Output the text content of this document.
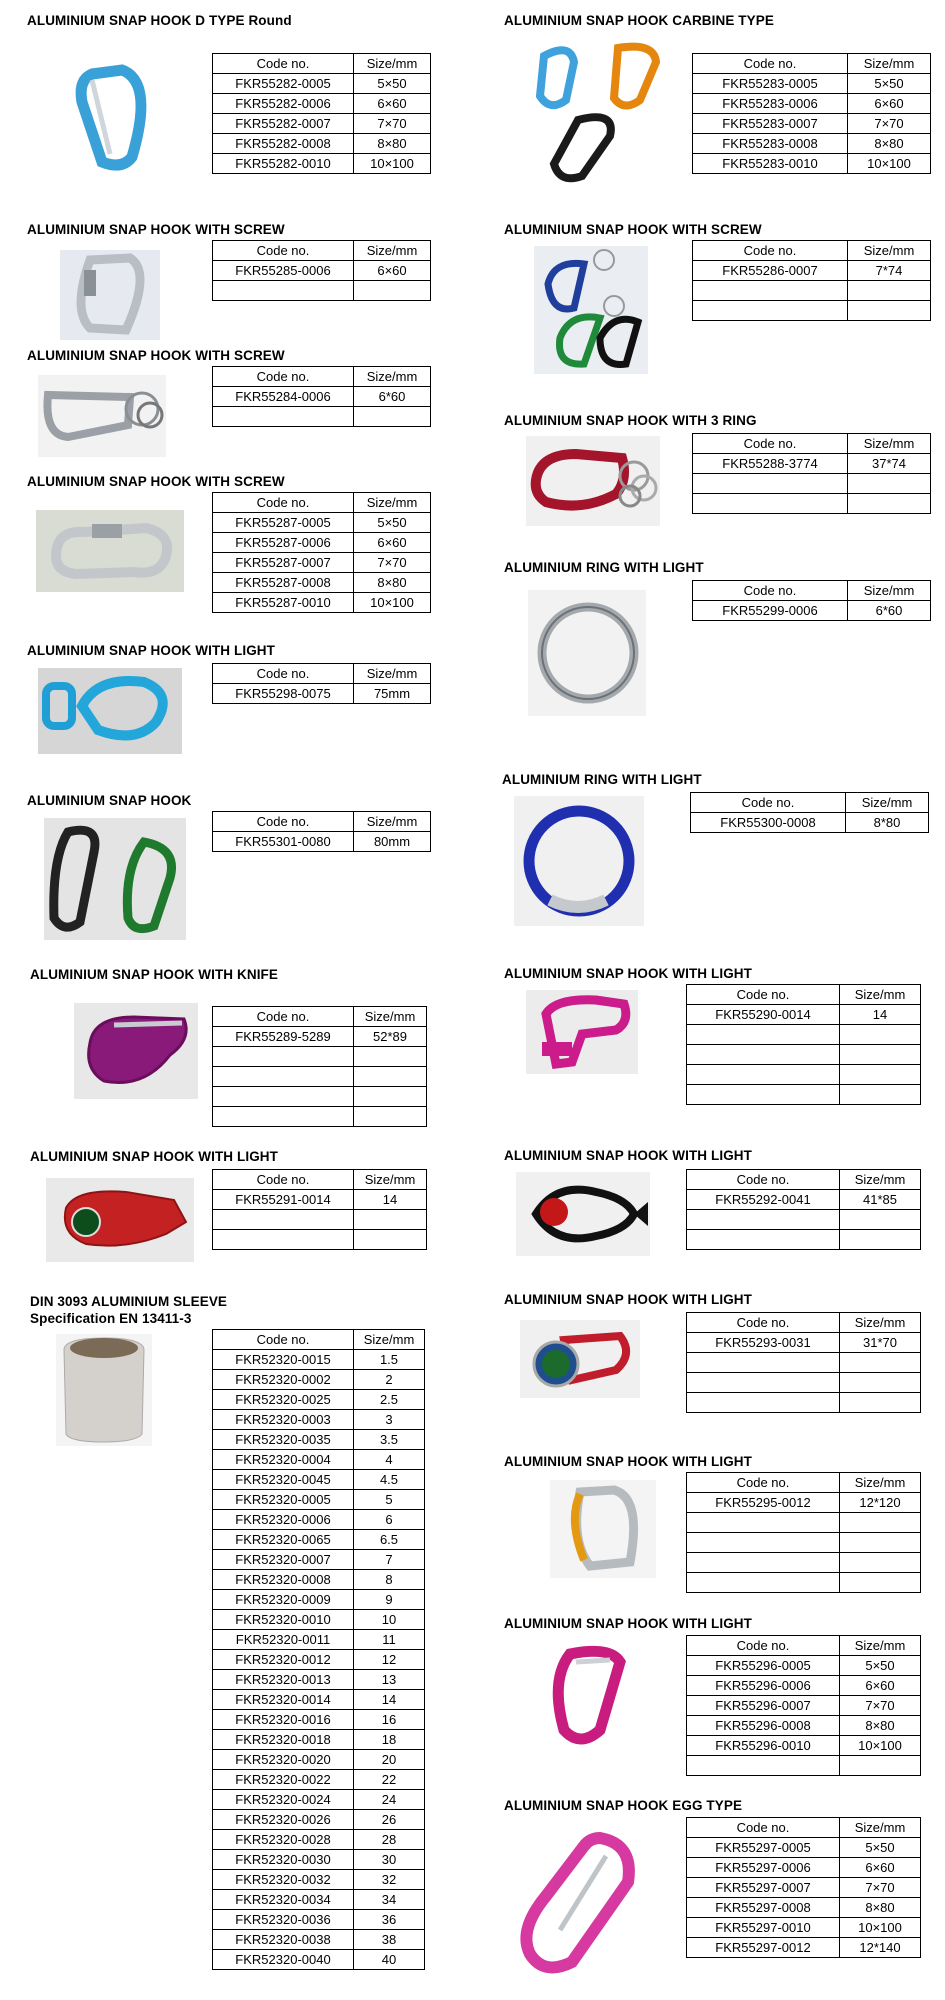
ALUMINIUM SNAP HOOK D TYPE Round
Code no.	Size/mm
FKR55282-0005	5×50
FKR55282-0006	6×60
FKR55282-0007	7×70
FKR55282-0008	8×80
FKR55282-0010	10×100
ALUMINIUM SNAP HOOK WITH SCREW
Code no.	Size/mm
FKR55285-0006	6×60

ALUMINIUM SNAP HOOK WITH SCREW
Code no.	Size/mm
FKR55284-0006	6*60

ALUMINIUM SNAP HOOK WITH SCREW
Code no.	Size/mm
FKR55287-0005	5×50
FKR55287-0006	6×60
FKR55287-0007	7×70
FKR55287-0008	8×80
FKR55287-0010	10×100
ALUMINIUM SNAP HOOK WITH LIGHT
Code no.	Size/mm
FKR55298-0075	75mm
ALUMINIUM SNAP HOOK
Code no.	Size/mm
FKR55301-0080	80mm
ALUMINIUM SNAP HOOK WITH KNIFE
Code no.	Size/mm
FKR55289-5289	52*89

ALUMINIUM SNAP HOOK WITH LIGHT
Code no.	Size/mm
FKR55291-0014	14

DIN 3093 ALUMINIUM SLEEVE
Specification EN 13411-3
Code no.	Size/mm
FKR52320-0015	1.5
FKR52320-0002	2
FKR52320-0025	2.5
FKR52320-0003	3
FKR52320-0035	3.5
FKR52320-0004	4
FKR52320-0045	4.5
FKR52320-0005	5
FKR52320-0006	6
FKR52320-0065	6.5
FKR52320-0007	7
FKR52320-0008	8
FKR52320-0009	9
FKR52320-0010	10
FKR52320-0011	11
FKR52320-0012	12
FKR52320-0013	13
FKR52320-0014	14
FKR52320-0016	16
FKR52320-0018	18
FKR52320-0020	20
FKR52320-0022	22
FKR52320-0024	24
FKR52320-0026	26
FKR52320-0028	28
FKR52320-0030	30
FKR52320-0032	32
FKR52320-0034	34
FKR52320-0036	36
FKR52320-0038	38
FKR52320-0040	40
ALUMINIUM SNAP HOOK CARBINE TYPE
Code no.	Size/mm
FKR55283-0005	5×50
FKR55283-0006	6×60
FKR55283-0007	7×70
FKR55283-0008	8×80
FKR55283-0010	10×100
ALUMINIUM SNAP HOOK WITH SCREW
Code no.	Size/mm
FKR55286-0007	7*74

ALUMINIUM SNAP HOOK WITH 3 RING
Code no.	Size/mm
FKR55288-3774	37*74

ALUMINIUM RING WITH LIGHT
Code no.	Size/mm
FKR55299-0006	6*60
ALUMINIUM RING WITH LIGHT
Code no.	Size/mm
FKR55300-0008	8*80
ALUMINIUM SNAP HOOK WITH LIGHT
Code no.	Size/mm
FKR55290-0014	14

ALUMINIUM SNAP HOOK WITH LIGHT
Code no.	Size/mm
FKR55292-0041	41*85

ALUMINIUM SNAP HOOK WITH LIGHT
Code no.	Size/mm
FKR55293-0031	31*70

ALUMINIUM SNAP HOOK WITH LIGHT
Code no.	Size/mm
FKR55295-0012	12*120

ALUMINIUM SNAP HOOK WITH LIGHT
Code no.	Size/mm
FKR55296-0005	5×50
FKR55296-0006	6×60
FKR55296-0007	7×70
FKR55296-0008	8×80
FKR55296-0010	10×100

ALUMINIUM SNAP HOOK EGG TYPE
Code no.	Size/mm
FKR55297-0005	5×50
FKR55297-0006	6×60
FKR55297-0007	7×70
FKR55297-0008	8×80
FKR55297-0010	10×100
FKR55297-0012	12*140
